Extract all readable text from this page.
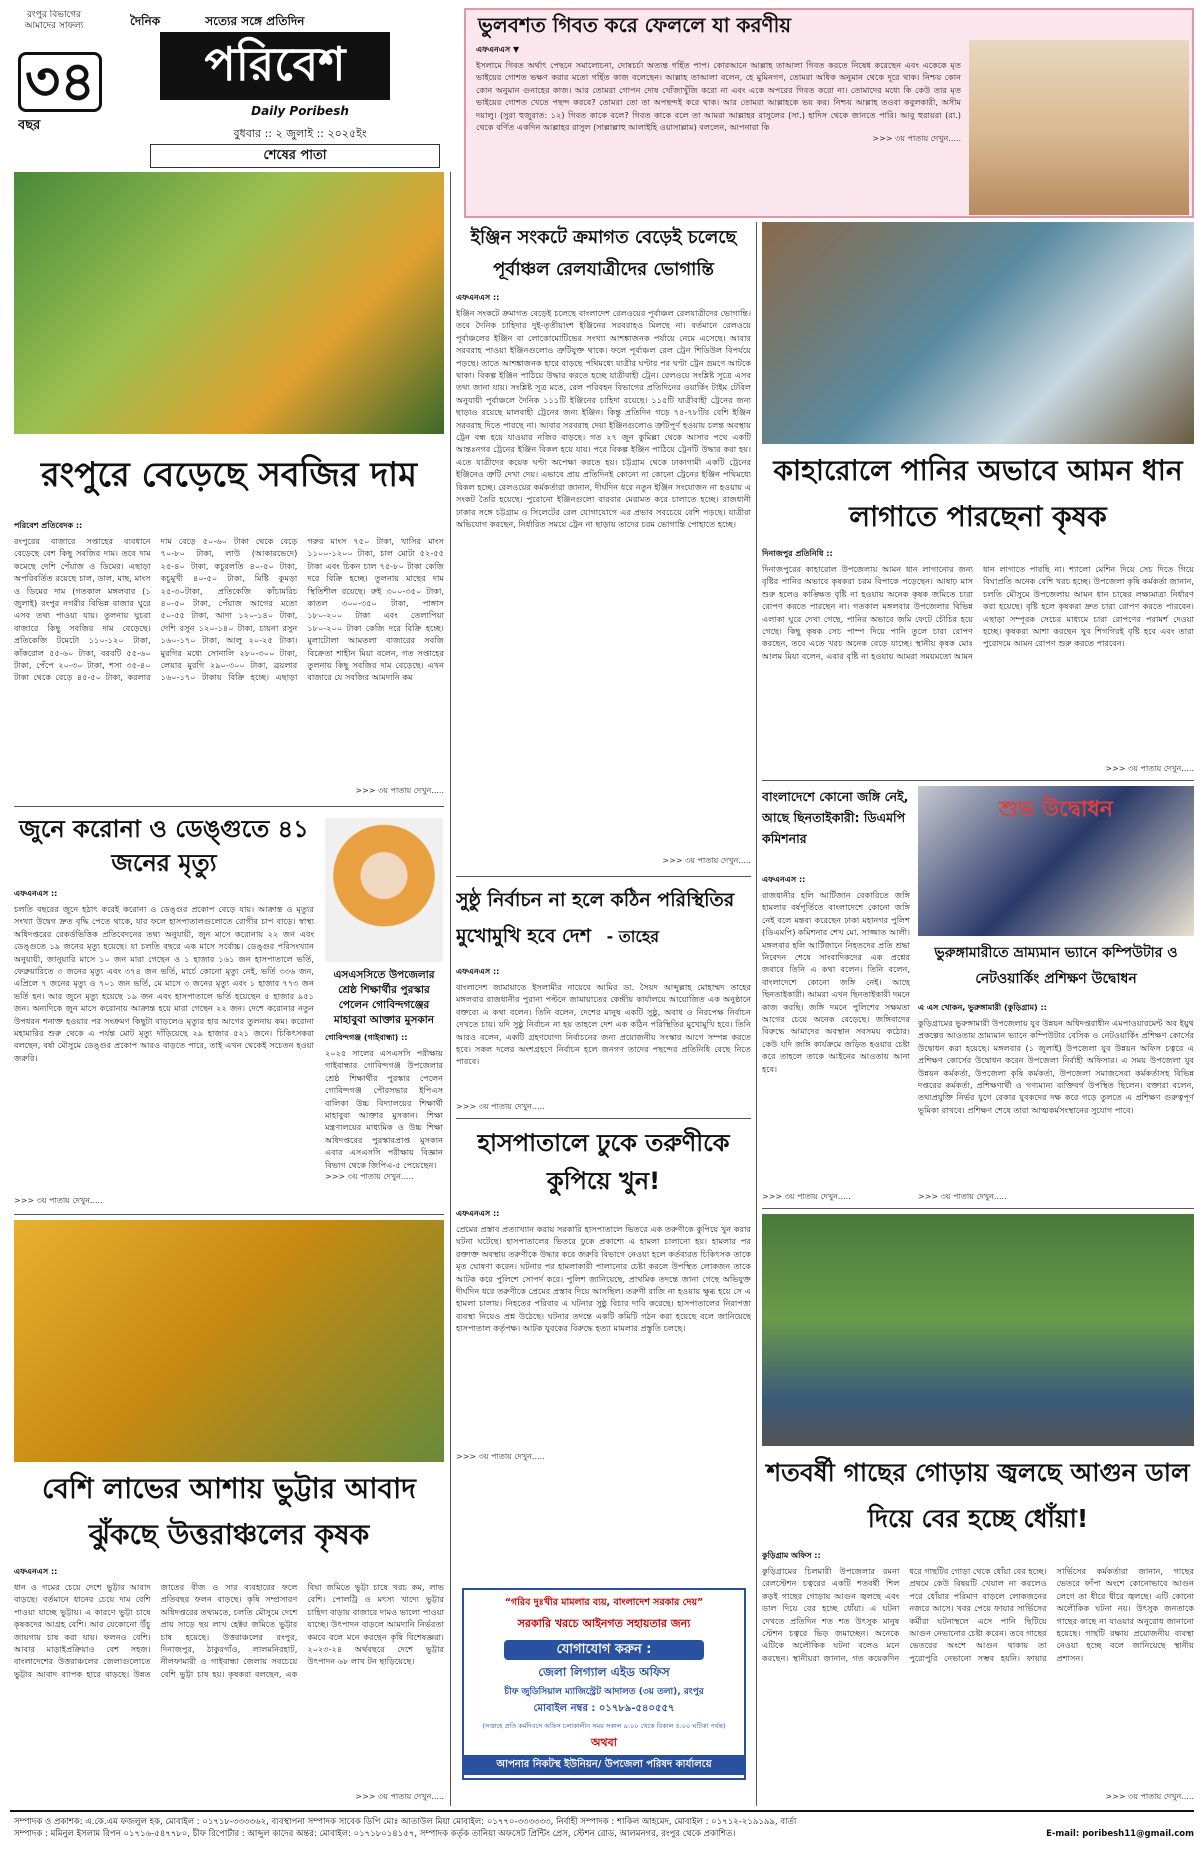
রংপুর বিভাগের আমাদের সাফল্য
৩৪
বছর
দৈনিক	সত্যের সঙ্গে প্রতিদিন
পরিবেশ
Daily Poribesh
বুধবার :: ২ জুলাই :: ২০২৫ইং
শেষের পাতা
ভুলবশত গিবত করে ফেললে যা করণীয়
এফএনএস ▼
ইসলামে গিবত অর্থাৎ পেছনে সমালোচনা, দোষচর্চা অত্যন্ত গর্হিত পাপ। কোরআনে আল্লাহ তাআলা গিবত করতে নিষেধ করেছেন এবং একেকে মৃত ভাইয়ের গোশত ভক্ষণ করার মতো গর্হিত কাজ বলেছেন। আল্লাহ তাআলা বলেন, হে মুমিনগণ, তোমরা অধিক অনুমান থেকে দূরে থাক। নিশ্চয় কোন কোন অনুমান গুনাহের কাজ। আর তোমরা গোপন দোষ খোঁজাখুঁজি করো না এবং একে অপরের গিবত করো না। তোমাদের মধ্যে কি কেউ তার মৃত ভাইয়ের গোশত খেতে পছন্দ করবে? তোমরা তো তা অপছন্দই করে থাক। আর তোমরা আল্লাহকে ভয় কর। নিশ্চয় আল্লাহ তওবা কবুলকারী, অসীম দয়ালু। (সুরা হুজুরাত: ১২) গিবত কাকে বলে? গিবত কাকে বলে তা আমরা আল্লাহর রাসুলের (সা.) হাদিস থেকে জানতে পারি। আবু হুরায়রা (রা.) থেকে বর্ণিত একদিন আল্লাহর রাসুল (সাল্লাল্লাহু আলাইহি ওয়াসাল্লাম) বললেন, আপনারা কি
>>> ৩য় পাতায় দেখুন.....
রংপুরে বেড়েছে সবজির দাম
পরিবেশ প্রতিবেদক ::
রংপুরের বাজারে সপ্তাহের ব্যবধানে বেড়েছে বেশ কিছু সবজির দাম। তবে দাম কমেছে দেশি পেঁয়াজ ও ডিমের। এছাড়া অপরিবর্তিত রয়েছে চাল, ডাল, মাছ, মাংস ও ডিমের দাম (গতকাল মঙ্গলবার (১ জুলাই) রংপুর নগরীর বিভিন্ন বাজার ঘুরে এসব তথ্য পাওয়া যায়। তুলনায় ঘুচরা বাজারে কিছু সবজির দাম বেড়েছে। প্রতিকেজি টমেটো ১১০-১২০ টাকা, কাঁকরোল ৫৫-৬০ টাকা, বরবটি ৫৫-৬০ টাকা, পেঁপে ২০-৩০ টাকা, শসা ৩৫-৪০ টাকা থেকে বেড়ে ৪৫-৫০ টাকা, করলার দাম বেড়ে ৫০-৬০ টাকা থেকে বেড়ে ৭০-৮০ টাকা, লাউ (আকারভেদে) ২৫-৪০ টাকা, কচুরলতি ৪০-৫০ টাকা, কচুমুখী ৪০-৫০ টাকা, মিষ্টি কুমড়া ২৫-৩০টাকা, প্রতিকেজি কাঁচামরিচ ৪০-৫০ টাকা, পেঁয়াজ আগের মতো ৫০-৫৫ টাকা, আদা ১২০-১৪০ টাকা, দেশি রসুন ১২০-১৪০ টাকা, চায়না রসুন ১৬০-১৭০ টাকা, আলু ২০-২৫ টাকা। মুরগির মধ্যে সোনালি ২৮০-৩০০ টাকা, লেয়ার মুরগি ২৯০-৩০০ টাকা, ব্রয়লার ১৬০-১৭০ টাকায় বিক্রি হচ্ছে। এছাড়া গরুর মাংস ৭৫০ টাকা, খাসির মাংস ১১০০-১২০০ টাকা, চাল মোটা ৫২-৫৫ টাকা এবং চিকন চাল ৭৫-৮০ টাকা কেজি দরে বিক্রি হচ্ছে। তুলনায় মাছের দাম স্থিতিশীল রয়েছে। রুই ৩০০-৩৫০ টাকা, কাতল ৩০০-৩৫০ টাকা, পাঙ্গাস ১৮০-২০০ টাকা এবং তেলাপিয়া ১৮০-২০০ টাকা কেজি দরে বিক্রি হচ্ছে। মুলাটোলা আমতলা বাজারের সবজি বিক্রেতা শাহীন মিয়া বলেন, গত সপ্তাহের তুলনায় কিছু সবজির দাম বেড়েছে। এখন বাজারে যে সবজির আমদানি কম
>>> ৩য় পাতায় দেখুন.....
জুনে করোনা ও ডেঙ্গুতে ৪১ জনের মৃত্যু
এফএনএস ::
চলতি বছরের জুনে হঠাৎ করেই করোনা ও ডেঙ্গুর প্রকোপ বেড়ে যায়। আক্রান্ত ও মৃত্যুর সংখ্যা উদ্বেগ দ্রুত বৃদ্ধি পেতে থাকে, যার ফলে হাসপাতালগুলোতে রোগীর চাপ বাড়ে। স্বাস্থ্য অধিদপ্তরের রেকর্ডভিত্তিক প্রতিবেদনের তথ্য অনুযায়ী, জুন মাসে করোনায় ২২ জন এবং ডেঙ্গুতে ১৯ জনের মৃত্যু হয়েছে। যা চলতি বছরে এক মাসে সর্বোচ্চ। ডেঙ্গুর পরিসংখ্যান অনুযায়ী, জানুয়ারি মাসে ১০ জন মারা গেছেন ও ১ হাজার ১৬১ জন হাসপাতালে ভর্তি, ফেব্রুয়ারিতে ৩ জনের মৃত্যু এবং ৩৭৪ জন ভর্তি, মার্চে কোনো মৃত্যু নেই, ভর্তি ৩৩৬ জন, এপ্রিলে ৭ জনের মৃত্যু ও ৭০১ জন ভর্তি, মে মাসে ৩ জনের মৃত্যু এবং ১ হাজার ৭৭৩ জন ভর্তি হন। আর জুনে মৃত্যু হয়েছে ১৯ জন এবং হাসপাতালে ভর্তি হয়েছেন ৫ হাজার ৯৫১ জন। অন্যদিকে জুন মাসে করোনায় আক্রান্ত হয়ে মারা গেছেন ২২ জন। দেশে করোনার নতুন উপধরন শনাক্ত হওয়ার পর সংক্রমণ কিছুটা বাড়লেও মৃত্যুর হার আগের তুলনায় কম। করোনা মহামারির শুরু থেকে এ পর্যন্ত মোট মৃত্যু দাঁড়িয়েছে ২৯ হাজার ৫২১ জনে। চিকিৎসকরা বলছেন, বর্ষা মৌসুমে ডেঙ্গুর প্রকোপ আরও বাড়তে পারে, তাই এখন থেকেই সচেতন হওয়া জরুরি।
>>> ৩য় পাতায় দেখুন.....
এসএসসিতে উপজেলার শ্রেষ্ঠ শিক্ষার্থীর পুরস্কার পেলেন গোবিন্দগঞ্জের মাহাবুবা আক্তার মুসকান
গোবিন্দগঞ্জ (গাইবান্ধা) ::
২০২৫ সালের এসএসসি পরীক্ষায় গাইবান্ধার গোবিন্দগঞ্জ উপজেলার শ্রেষ্ঠ শিক্ষার্থীর পুরস্কার পেলেন গোবিন্দগঞ্জ পৌরসভার ইপিএস বালিকা উচ্চ বিদ্যালয়ের শিক্ষার্থী মাহাবুবা আক্তার মুসকান। শিক্ষা মন্ত্রণালয়ের মাধ্যমিক ও উচ্চ শিক্ষা অধিদপ্তরের পুরস্কারপ্রাপ্ত মুসকান এবার এসএসসি পরীক্ষায় বিজ্ঞান বিভাগ থেকে জিপিএ-৫ পেয়েছেন।
>>> ৩য় পাতায় দেখুন.....
বেশি লাভের আশায় ভুট্টার আবাদ ঝুঁকছে উত্তরাঞ্চলের কৃষক
এফএনএস ::
ধান ও গমের চেয়ে দেশে ভুট্টার আবাদ বাড়ছে। বর্তমানে ধানের চেয়ে দাম বেশি পাওয়া যাচ্ছে ভুট্টায়। এ কারণে ভুট্টা চাষে কৃষকদের আগ্রহ বেশি। আর যেকোনো উঁচু জায়গায় চাষ করা যায়। ফলনও বেশি। আবার মাড়াইপ্রক্রিয়াও বেশ সহজ। বাংলাদেশের উত্তরাঞ্চলের জেলাগুলোতে ভুট্টার আবাদ ব্যাপক হারে বাড়ছে। উন্নত জাতের বীজ ও সার ব্যবহারের ফলে প্রতিবছর ফলন বাড়ছে। কৃষি সম্প্রসারণ অধিদপ্তরের তথ্যমতে, চলতি মৌসুমে দেশে প্রায় সাড়ে ছয় লাখ হেক্টর জমিতে ভুট্টার চাষ হয়েছে। উত্তরাঞ্চলের রংপুর, দিনাজপুর, ঠাকুরগাঁও, লালমনিরহাট, নীলফামারী ও গাইবান্ধা জেলায় সবচেয়ে বেশি ভুট্টা চাষ হয়। কৃষকরা বলছেন, এক বিঘা জমিতে ভুট্টা চাষে খরচ কম, লাভ বেশি। পোলট্রি ও মৎস্য খাদ্যে ভুট্টার চাহিদা বাড়ায় বাজারে দামও ভালো পাওয়া যাচ্ছে। উৎপাদন বাড়লে আমদানি নির্ভরতা কমবে বলে মনে করছেন কৃষি বিশেষজ্ঞরা। ২০২৩-২৪ অর্থবছরে দেশে ভুট্টার উৎপাদন ৬৮ লাখ টন ছাড়িয়েছে।
>>> ৩য় পাতায় দেখুন.....
ইঞ্জিন সংকটে ক্রমাগত বেড়েই চলেছে পূর্বাঞ্চল রেলযাত্রীদের ভোগান্তি
এফএনএস ::
ইঞ্জিন সংকটে ক্রমাগত বেড়েই চলেছে বাংলাদেশ রেলওয়ের পূর্বাঞ্চল রেলযাত্রীদের ভোগান্তি। তবে দৈনিক চাহিদার দুই-তৃতীয়াংশ ইঞ্জিনের সরবরাহও মিলছে না। বর্তমানে রেলওয়ে পূর্বাঞ্চলের ইঞ্জিন বা লোকোমোটিভের সংখ্যা আশঙ্কাজনক পর্যায়ে নেমে এসেছে। আবার সরবরাহ পাওয়া ইঞ্জিনগুলোও ত্রুটিযুক্ত থাকে। ফলে পূর্বাঞ্চল রেল ট্রেন শিডিউল বিপর্যয়ে পড়ছে। তাতে আশঙ্কাজনক হারে বাড়ছে পথিমধ্যে যাত্রীর ঘণ্টার পর ঘণ্টা ট্রেন ভ্রমণে আটকে থাকা। বিকল্প ইঞ্জিন পাঠিয়ে উদ্ধার করতে হচ্ছে যাত্রীবাহী ট্রেন। রেলওয়ে সংশ্লিষ্ট সূত্রে এসব তথ্য জানা যায়। সংশ্লিষ্ট সূত্র মতে, রেল পরিবহন বিভাগের প্রতিদিনের ওয়ার্কিং টাইম টেবিল অনুযায়ী পূর্বাঞ্চলে দৈনিক ১১১টি ইঞ্জিনের চাহিদা রয়েছে। ১১৫টি যাত্রীবাহী ট্রেনের জন্য ছাড়াও রয়েছে মালবাহী ট্রেনের জন্য ইঞ্জিন। কিন্তু প্রতিদিন গড়ে ৭৫-৭৮টির বেশি ইঞ্জিন সরবরাহ দিতে পারছে না। আবার সরবরাহ দেয়া ইঞ্জিনগুলোও ত্রুটিপূর্ণ হওয়ায় চলন্ত অবস্থায় ট্রেন বন্ধ হয়ে যাওয়ার নজির বাড়ছে। গত ২৭ জুন কুমিল্লা থেকে আসার পথে একটি আন্তঃনগর ট্রেনের ইঞ্জিন বিকল হয়ে যায়। পরে বিকল্প ইঞ্জিন পাঠিয়ে ট্রেনটি উদ্ধার করা হয়। এতে যাত্রীদের কয়েক ঘণ্টা অপেক্ষা করতে হয়। চট্টগ্রাম থেকে ঢাকাগামী একটি ট্রেনের ইঞ্জিনেও ত্রুটি দেখা দেয়। এভাবে প্রায় প্রতিদিনই কোনো না কোনো ট্রেনের ইঞ্জিন পথিমধ্যে বিকল হচ্ছে। রেলওয়ের কর্মকর্তারা জানান, দীর্ঘদিন ধরে নতুন ইঞ্জিন সংযোজন না হওয়ায় এ সংকট তৈরি হয়েছে। পুরোনো ইঞ্জিনগুলো বারবার মেরামত করে চালাতে হচ্ছে। রাজধানী ঢাকার সঙ্গে চট্টগ্রাম ও সিলেটের রেল যোগাযোগে এর প্রভাব সবচেয়ে বেশি পড়ছে। যাত্রীরা অভিযোগ করছেন, নির্ধারিত সময়ে ট্রেন না ছাড়ায় তাদের চরম ভোগান্তি পোহাতে হচ্ছে।
>>> ৩য় পাতায় দেখুন.....
সুষ্ঠু নির্বাচন না হলে কঠিন পরিস্থিতির মুখোমুখি হবে দেশ - তাহের
এফএনএস ::
বাংলাদেশ জামায়াতে ইসলামীর নায়েবে আমির ডা. সৈয়দ আব্দুল্লাহ মোহাম্মদ তাহের মঙ্গলবার রাজধানীর পুরানা পল্টনে জামায়াতের কেন্দ্রীয় কার্যালয়ে আয়োজিত এক অনুষ্ঠানে বক্তব্যে এ কথা বলেন। তিনি বলেন, দেশের মানুষ একটি সুষ্ঠু, অবাধ ও নিরপেক্ষ নির্বাচন দেখতে চায়। যদি সুষ্ঠু নির্বাচন না হয় তাহলে দেশ এক কঠিন পরিস্থিতির মুখোমুখি হবে। তিনি আরও বলেন, একটি গ্রহণযোগ্য নির্বাচনের জন্য প্রয়োজনীয় সংস্কার আগে সম্পন্ন করতে হবে। সকল দলের অংশগ্রহণে নির্বাচন হলে জনগণ তাদের পছন্দের প্রতিনিধি বেছে নিতে পারবে।
>>> ৩য় পাতায় দেখুন.....
হাসপাতালে ঢুকে তরুণীকে কুপিয়ে খুন!
এফএনএস ::
প্রেমের প্রস্তাব প্রত্যাখ্যান করায় সরকারি হাসপাতালে ভিতরে এক তরুণীকে কুপিয়ে খুন করার ঘটনা ঘটেছে। হাসপাতালের ভিতরে ঢুকে প্রকাশ্যে এ হামলা চালানো হয়। হামলার পর রক্তাক্ত অবস্থায় তরুণীকে উদ্ধার করে জরুরি বিভাগে নেওয়া হলে কর্তব্যরত চিকিৎসক তাকে মৃত ঘোষণা করেন। ঘটনার পর হামলাকারী পালানোর চেষ্টা করলে উপস্থিত লোকজন তাকে আটক করে পুলিশে সোপর্দ করে। পুলিশ জানিয়েছে, প্রাথমিক তদন্তে জানা গেছে অভিযুক্ত দীর্ঘদিন ধরে তরুণীকে প্রেমের প্রস্তাব দিয়ে আসছিল। তরুণী রাজি না হওয়ায় ক্ষুব্ধ হয়ে সে এ হামলা চালায়। নিহতের পরিবার এ ঘটনার সুষ্ঠু বিচার দাবি করেছে। হাসপাতালের নিরাপত্তা ব্যবস্থা নিয়েও প্রশ্ন উঠেছে। ঘটনার তদন্তে একটি কমিটি গঠন করা হয়েছে বলে জানিয়েছে হাসপাতাল কর্তৃপক্ষ। আটক যুবকের বিরুদ্ধে হত্যা মামলার প্রস্তুতি চলছে।
>>> ৩য় পাতায় দেখুন.....
“গরিব দুঃখীর মামলার ব্যয়, বাংলাদেশ সরকার দেয়”
সরকারি খরচে আইনগত সহায়তার জন্য
যোগাযোগ করুন :
জেলা লিগ্যাল এইড অফিস
চীফ জুডিসিয়াল ম্যাজিস্ট্রেট আদালত (৩য় তলা), রংপুর
মোবাইল নম্বর : ০১৭৮৯-৫৪০৫৫৭
(সপ্তাহে প্রতি কর্মদিবসে অফিস চলাকালীন সময় সকাল ৯:০০ থেকে বিকাল ৫:০০ ঘটিকা পর্যন্ত)
অথবা
আপনার নিকটস্থ ইউনিয়ন/ উপজেলা পরিষদ কার্যালয়ে
কাহারোলে পানির অভাবে আমন ধান লাগাতে পারছেনা কৃষক
দিনাজপুর প্রতিনিধি ::
দিনাজপুরের কাহারোল উপজেলায় আমন ধান লাগানোর জন্য বৃষ্টির পানির অভাবে কৃষকরা চরম বিপাকে পড়েছেন। আষাঢ় মাস শুরু হলেও কাঙ্ক্ষিত বৃষ্টি না হওয়ায় অনেক কৃষক জমিতে চারা রোপণ করতে পারছেন না। গতকাল মঙ্গলবার উপজেলার বিভিন্ন এলাকা ঘুরে দেখা গেছে, পানির অভাবে জমি ফেটে চৌচির হয়ে গেছে। কিছু কৃষক সেচ পাম্প দিয়ে পানি তুলে চারা রোপণ করছেন, তবে এতে খরচ অনেক বেড়ে যাচ্ছে। স্থানীয় কৃষক মোঃ আলম মিয়া বলেন, এবার বৃষ্টি না হওয়ায় আমরা সময়মতো আমন ধান লাগাতে পারছি না। শ্যালো মেশিন দিয়ে সেচ দিতে গিয়ে বিঘাপ্রতি অনেক বেশি খরচ হচ্ছে। উপজেলা কৃষি কর্মকর্তা জানান, চলতি মৌসুমে উপজেলায় আমন ধান চাষের লক্ষ্যমাত্রা নির্ধারণ করা হয়েছে। বৃষ্টি হলে কৃষকরা দ্রুত চারা রোপণ করতে পারবেন। এছাড়া সম্পূরক সেচের মাধ্যমে চারা রোপণের পরামর্শ দেওয়া হচ্ছে। কৃষকরা আশা করছেন খুব শিগগিরই বৃষ্টি হবে এবং তারা পুরোদমে আমন রোপণ শুরু করতে পারবেন।
>>> ৩য় পাতায় দেখুন.....
বাংলাদেশে কোনো জঙ্গি নেই, আছে ছিনতাইকারী: ডিএমপি কমিশনার
এফএনএস ::
রাজধানীর হলি আর্টিজান বেকারিতে জঙ্গি হামলার বর্ষপূর্তিতে বাংলাদেশে কোনো জঙ্গি নেই বলে মন্তব্য করেছেন ঢাকা মহানগর পুলিশ (ডিএমপি) কমিশনার শেখ মো. সাজ্জাত আলী। মঙ্গলবার হলি আর্টিজানে নিহতদের প্রতি শ্রদ্ধা নিবেদন শেষে সাংবাদিকদের এক প্রশ্নের জবাবে তিনি এ কথা বলেন। তিনি বলেন, বাংলাদেশে কোনো জঙ্গি নেই। আছে ছিনতাইকারী। আমরা এখন ছিনতাইকারী দমনে কাজ করছি। জঙ্গি দমনে পুলিশের সক্ষমতা আগের চেয়ে অনেক বেড়েছে। জঙ্গিবাদের বিরুদ্ধে আমাদের অবস্থান সবসময় কঠোর। কেউ যদি জঙ্গি কার্যক্রমে জড়িত হওয়ার চেষ্টা করে তাহলে তাকে আইনের আওতায় আনা হবে।
>>> ৩য় পাতায় দেখুন.....
শুভ উদ্বোধন
ভুরুঙ্গামারীতে ভ্রাম্যমান ভ্যানে কম্পিউটার ও নেটওয়ার্কিং প্রশিক্ষণ উদ্বোধন
এ এস খোকন, ভুরুঙ্গামারী (কুড়িগ্রাম) ::
কুড়িগ্রামের ভুরুঙ্গামারী উপজেলায় যুব উন্নয়ন অধিদপ্তরাধীন এমপাওয়ারমেন্ট অব ইয়ুথ প্রকল্পের আওতায় ভ্রাম্যমান ভ্যানে কম্পিউটার বেসিক ও নেটওয়ার্কিং প্রশিক্ষণ কোর্সের উদ্বোধন করা হয়েছে। মঙ্গলবার (১ জুলাই) উপজেলা যুব উন্নয়ন অফিস চত্বরে এ প্রশিক্ষণ কোর্সের উদ্বোধন করেন উপজেলা নির্বাহী অফিসার। এ সময় উপজেলা যুব উন্নয়ন কর্মকর্তা, উপজেলা কৃষি কর্মকর্তা, উপজেলা সমাজসেবা কর্মকর্তাসহ বিভিন্ন দপ্তরের কর্মকর্তা, প্রশিক্ষণার্থী ও গণ্যমান্য ব্যক্তিবর্গ উপস্থিত ছিলেন। বক্তারা বলেন, তথ্যপ্রযুক্তি নির্ভর যুগে বেকার যুবকদের দক্ষ করে গড়ে তুলতে এ প্রশিক্ষণ গুরুত্বপূর্ণ ভূমিকা রাখবে। প্রশিক্ষণ শেষে তারা আত্মকর্মসংস্থানের সুযোগ পাবে।
>>> ৩য় পাতায় দেখুন.....
শতবর্ষী গাছের গোড়ায় জ্বলছে আগুন ডাল দিয়ে বের হচ্ছে ধোঁয়া!
কুড়িগ্রাম অফিস ::
কুড়িগ্রামের চিলমারী উপজেলার রমনা রেলস্টেশন চত্বরের একটি শতবর্ষী শিল কড়ই গাছের গোড়ায় আগুন জ্বলছে এবং ডাল দিয়ে বের হচ্ছে ধোঁয়া। এ ঘটনা দেখতে প্রতিদিন শত শত উৎসুক মানুষ স্টেশন চত্বরে ভিড় জমাচ্ছেন। অনেকে এটিকে অলৌকিক ঘটনা বলেও মনে করছেন। স্থানীয়রা জানান, গত কয়েকদিন ধরে গাছটির গোড়া থেকে ধোঁয়া বের হচ্ছে। প্রথমে কেউ বিষয়টি খেয়াল না করলেও পরে ধোঁয়ার পরিমাণ বাড়লে লোকজনের নজরে আসে। খবর পেয়ে ফায়ার সার্ভিসের কর্মীরা ঘটনাস্থলে এসে পানি ছিটিয়ে আগুন নেভানোর চেষ্টা করেন। তবে গাছের ভেতরের অংশে আগুন থাকায় তা পুরোপুরি নেভানো সম্ভব হয়নি। ফায়ার সার্ভিসের কর্মকর্তারা জানান, গাছের ভেতরে ফাঁপা অংশে কোনোভাবে আগুন লেগে তা ধীরে ধীরে জ্বলছে। এটি কোনো অলৌকিক ঘটনা নয়। উৎসুক জনতাকে গাছের কাছে না যাওয়ার অনুরোধ জানানো হয়েছে। গাছটি রক্ষায় প্রয়োজনীয় ব্যবস্থা নেওয়া হচ্ছে বলে জানিয়েছে স্থানীয় প্রশাসন।
>>> ৩য় পাতায় দেখুন.....
সম্পাদক ও প্রকাশক: এ.কে.এম ফজলুল হক, মোবাইল : ০১৭১৮-৩৩৩৩৬২, ব্যবস্থাপনা সম্পাদক সাবেক ডিপি মোঃ আতাউল মিয়া মোবাইল: ০১৭৭০-৩৩৩৩৩৩, নির্বাহী সম্পাদক : শাকিল আহমেদ, মোবাইল : ০১৭১২-২১৯১৯৯, বার্তা
সম্পাদক : মমিনুল ইসলাম রিপন ০১৭১৬-৫৪৭৭৮০, চীফ রিপোর্টার : আব্দুল কাদের অন্তর: মোবাইল: ০১৭১৮০১৪১৫৭, সম্পাদক কর্তৃক তানিয়া অফসেট প্রিন্টিং প্রেস, স্টেশন রোড, আলমনগর, রংপুর থেকে প্রকাশিত।	E-mail: poribesh11@gmail.com
